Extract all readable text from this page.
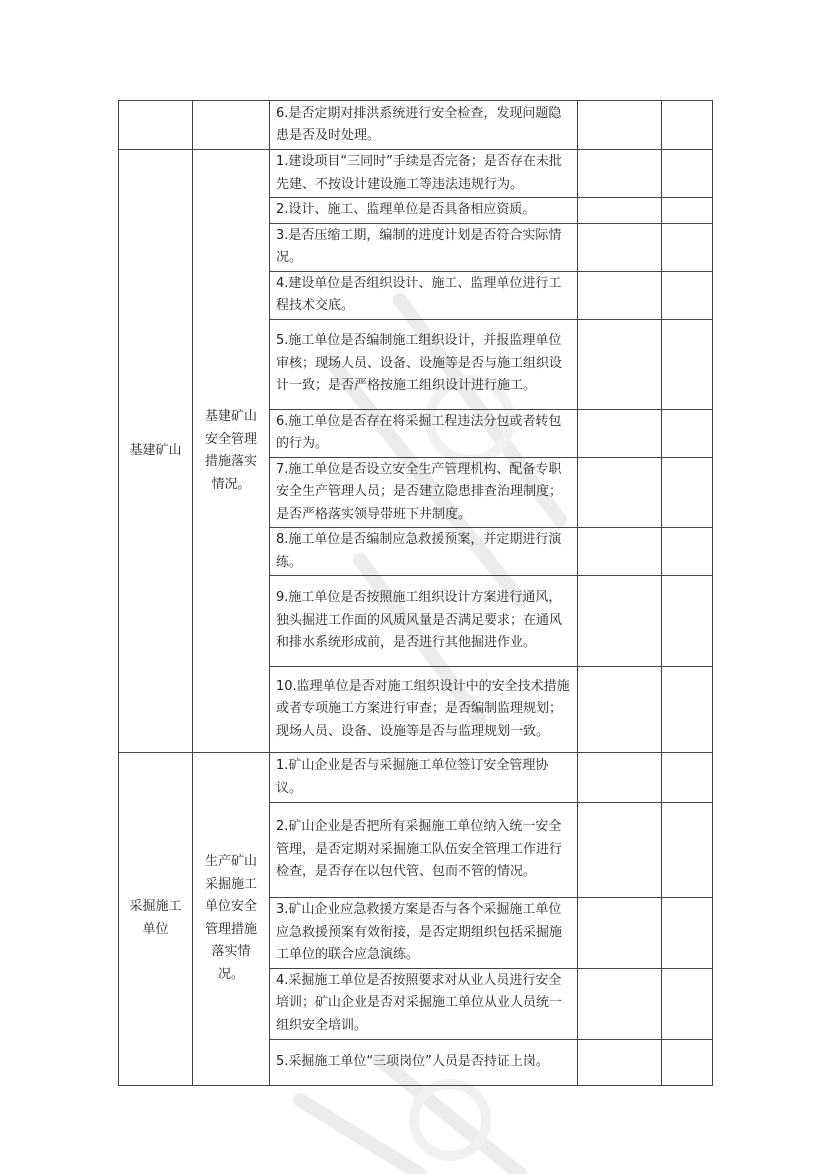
		6.是否定期对排洪系统进行安全检查，发现问题隐患是否及时处理。		
基建矿山	基建矿山安全管理措施落实情况。	1.建设项目“三同时”手续是否完备；是否存在未批先建、不按设计建设施工等违法违规行为。		
		2.设计、施工、监理单位是否具备相应资质。		
		3.是否压缩工期，编制的进度计划是否符合实际情况。		
		4.建设单位是否组织设计、施工、监理单位进行工程技术交底。		
		5.施工单位是否编制施工组织设计，并报监理单位审核；现场人员、设备、设施等是否与施工组织设计一致；是否严格按施工组织设计进行施工。		
		6.施工单位是否存在将采掘工程违法分包或者转包的行为。		
		7.施工单位是否设立安全生产管理机构、配备专职安全生产管理人员；是否建立隐患排查治理制度；是否严格落实领导带班下井制度。		
		8.施工单位是否编制应急救援预案，并定期进行演练。		
		9.施工单位是否按照施工组织设计方案进行通风，独头掘进工作面的风质风量是否满足要求；在通风和排水系统形成前，是否进行其他掘进作业。		
		10.监理单位是否对施工组织设计中的安全技术措施或者专项施工方案进行审查；是否编制监理规划；现场人员、设备、设施等是否与监理规划一致。		
采掘施工单位	生产矿山采掘施工单位安全管理措施落实情况。	1.矿山企业是否与采掘施工单位签订安全管理协议。		
		2.矿山企业是否把所有采掘施工单位纳入统一安全管理，是否定期对采掘施工队伍安全管理工作进行检查，是否存在以包代管、包而不管的情况。		
		3.矿山企业应急救援方案是否与各个采掘施工单位应急救援预案有效衔接，是否定期组织包括采掘施工单位的联合应急演练。		
		4.采掘施工单位是否按照要求对从业人员进行安全培训；矿山企业是否对采掘施工单位从业人员统一组织安全培训。		
		5.采掘施工单位“三项岗位”人员是否持证上岗。		
